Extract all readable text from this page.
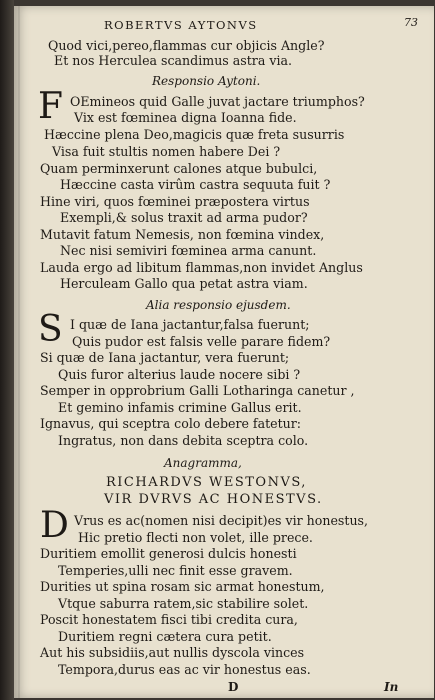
ROBERTVS AYTONVS	73
Quod vici,pereo,flammas cur objicis Angle?
Et nos Herculea scandimus astra via.
Responsio Aytoni.
F OEmineos quid Galle juvat jactare triumphos?
Vix est fœminea digna Ioanna fide.
Hæccine plena Deo,magicis quæ freta susurris
Visa fuit stultis nomen habere Dei ?
Quam perminxerunt calones atque bubulci,
Hæccine casta virûm castra sequuta fuit ?
Hine viri, quos fœminei præpostera virtus
Exempli,& solus traxit ad arma pudor?
Mutavit fatum Nemesis, non fœmina vindex,
Nec nisi semiviri fœminea arma canunt.
Lauda ergo ad libitum flammas,non invidet Anglus
Herculeam Gallo qua petat astra viam.
Alia responsio ejusdem.
S I quæ de Iana jactantur,falsa fuerunt;
Quis pudor est falsis velle parare fidem?
Si quæ de Iana jactantur, vera fuerunt;
Quis furor alterius laude nocere sibi ?
Semper in opprobrium Galli Lotharinga canetur ,
Et gemino infamis crimine Gallus erit.
Ignavus, qui sceptra colo debere fatetur:
Ingratus, non dans debita sceptra colo.
Anagramma,
RICHARDVS WESTONVS,
VIR DVRVS AC HONESTVS.
D Vrus es ac(nomen nisi decipit)es vir honestus,
Hic pretio flecti non volet, ille prece.
Duritiem emollit generosi dulcis honesti
Temperies,ulli nec finit esse gravem.
Durities ut spina rosam sic armat honestum,
Vtque saburra ratem,sic stabilire solet.
Poscit honestatem fisci tibi credita cura,
Duritiem regni cætera cura petit.
Aut his subsidiis,aut nullis dyscola vinces
Tempora,durus eas ac vir honestus eas.
D	In
